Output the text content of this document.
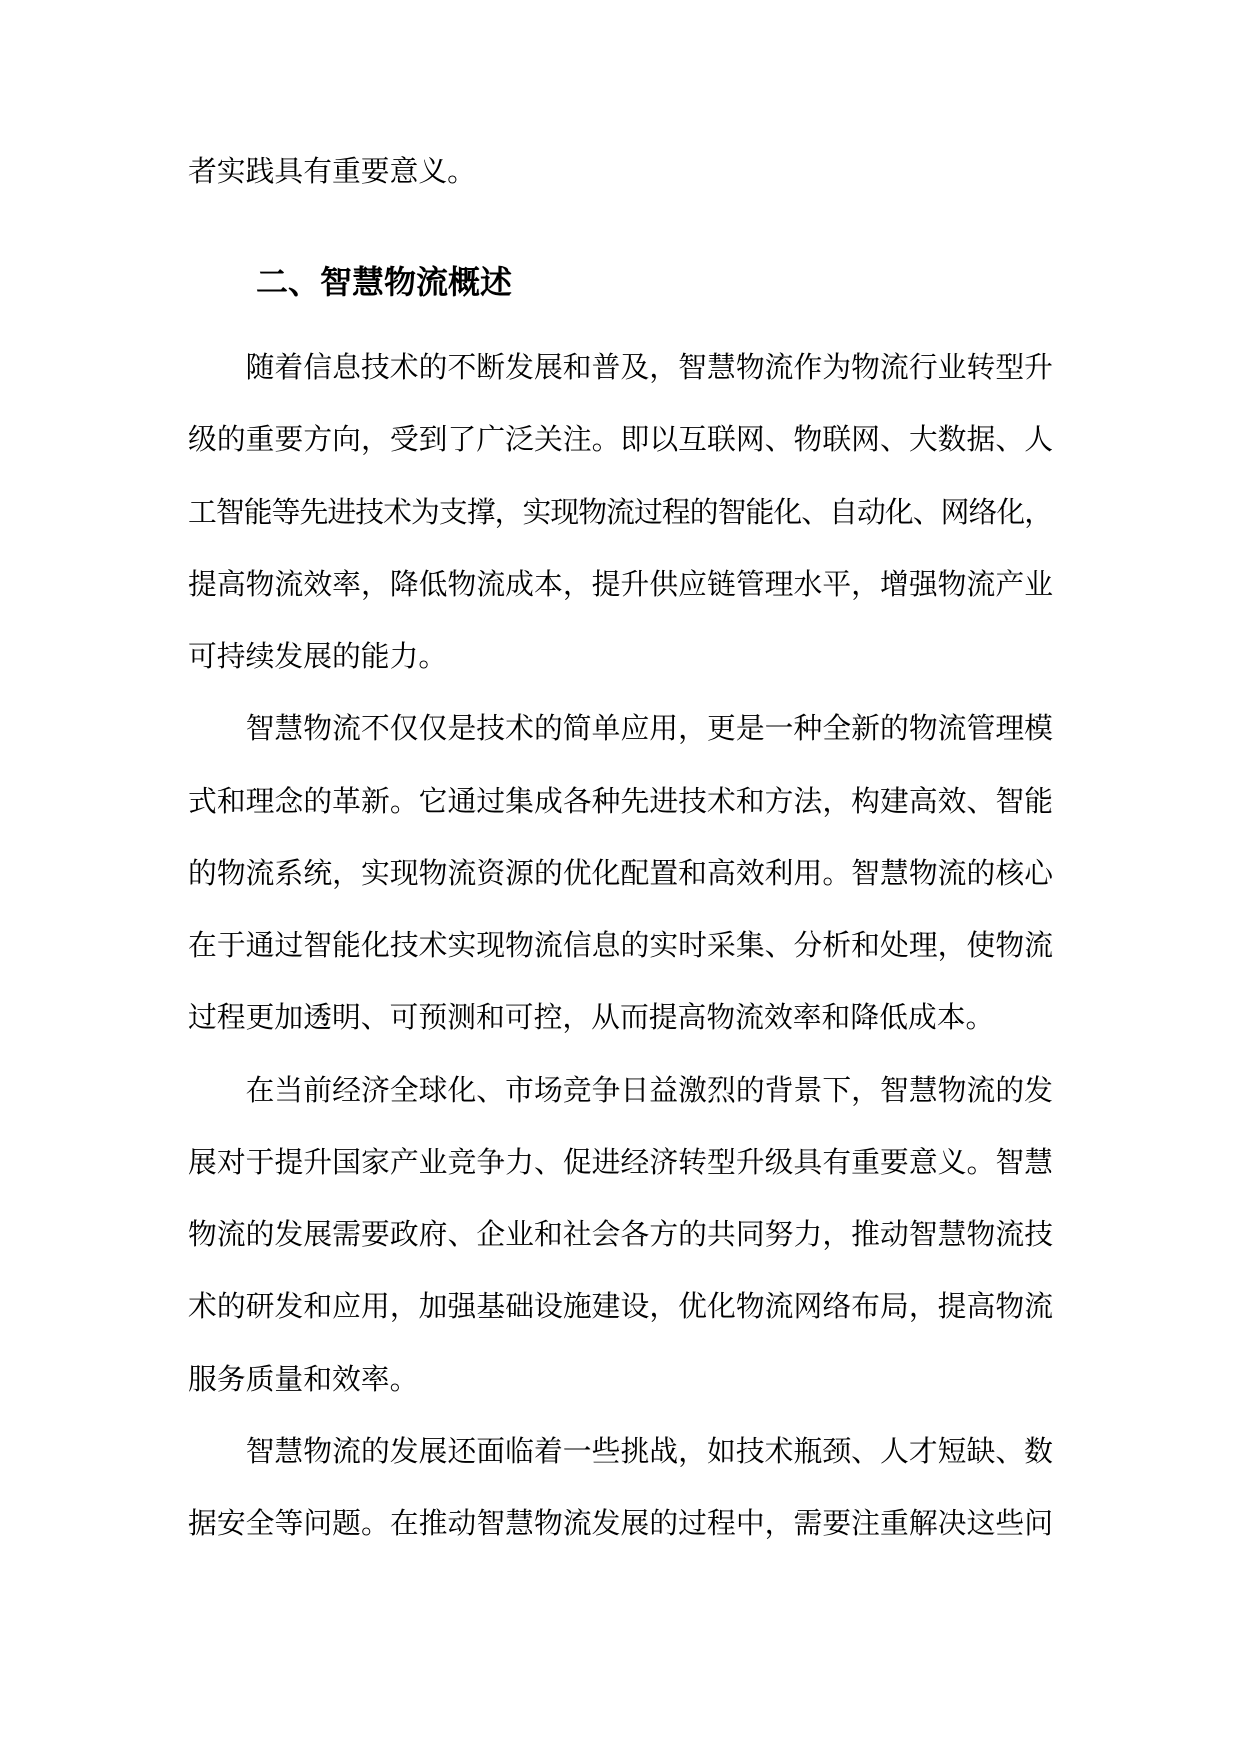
者实践具有重要意义。
二、智慧物流概述
随着信息技术的不断发展和普及，智慧物流作为物流行业转型升
级的重要方向，受到了广泛关注。即以互联网、物联网、大数据、人
工智能等先进技术为支撑，实现物流过程的智能化、自动化、网络化，
提高物流效率，降低物流成本，提升供应链管理水平，增强物流产业
可持续发展的能力。
智慧物流不仅仅是技术的简单应用，更是一种全新的物流管理模
式和理念的革新。它通过集成各种先进技术和方法，构建高效、智能
的物流系统，实现物流资源的优化配置和高效利用。智慧物流的核心
在于通过智能化技术实现物流信息的实时采集、分析和处理，使物流
过程更加透明、可预测和可控，从而提高物流效率和降低成本。
在当前经济全球化、市场竞争日益激烈的背景下，智慧物流的发
展对于提升国家产业竞争力、促进经济转型升级具有重要意义。智慧
物流的发展需要政府、企业和社会各方的共同努力，推动智慧物流技
术的研发和应用，加强基础设施建设，优化物流网络布局，提高物流
服务质量和效率。
智慧物流的发展还面临着一些挑战，如技术瓶颈、人才短缺、数
据安全等问题。在推动智慧物流发展的过程中，需要注重解决这些问
